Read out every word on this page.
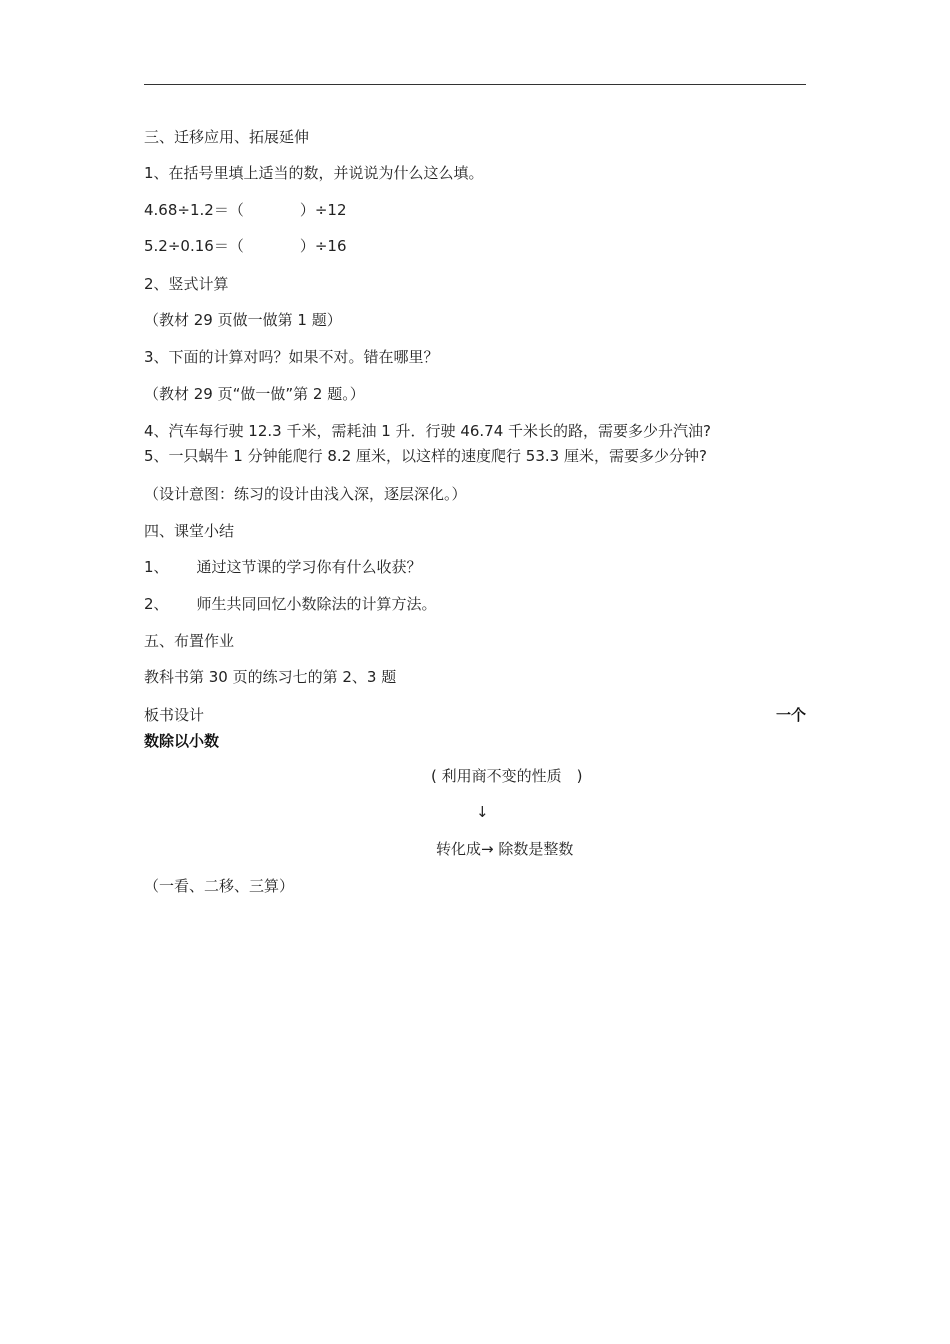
三、迁移应用、拓展延伸
1、在括号里填上适当的数，并说说为什么这么填。
4.68÷1.2＝（	）÷12
5.2÷0.16＝（	）÷16
2、竖式计算
（教材 29 页做一做第 1 题）
3、下面的计算对吗？如果不对。错在哪里？
（教材 29 页“做一做”第 2 题。）
4、汽车每行驶 12.3 千米，需耗油 1 升．行驶 46.74 千米长的路，需要多少升汽油?
5、一只蜗牛 1 分钟能爬行 8.2 厘米，以这样的速度爬行 53.3 厘米，需要多少分钟?
（设计意图：练习的设计由浅入深，逐层深化。）
四、课堂小结
1、 通过这节课的学习你有什么收获？
2、 师生共同回忆小数除法的计算方法。
五、布置作业
教科书第 30 页的练习七的第 2、3 题
板书设计	一个
数除以小数
( 利用商不变的性质　)
↓
转化成→ 除数是整数
（一看、二移、三算）
